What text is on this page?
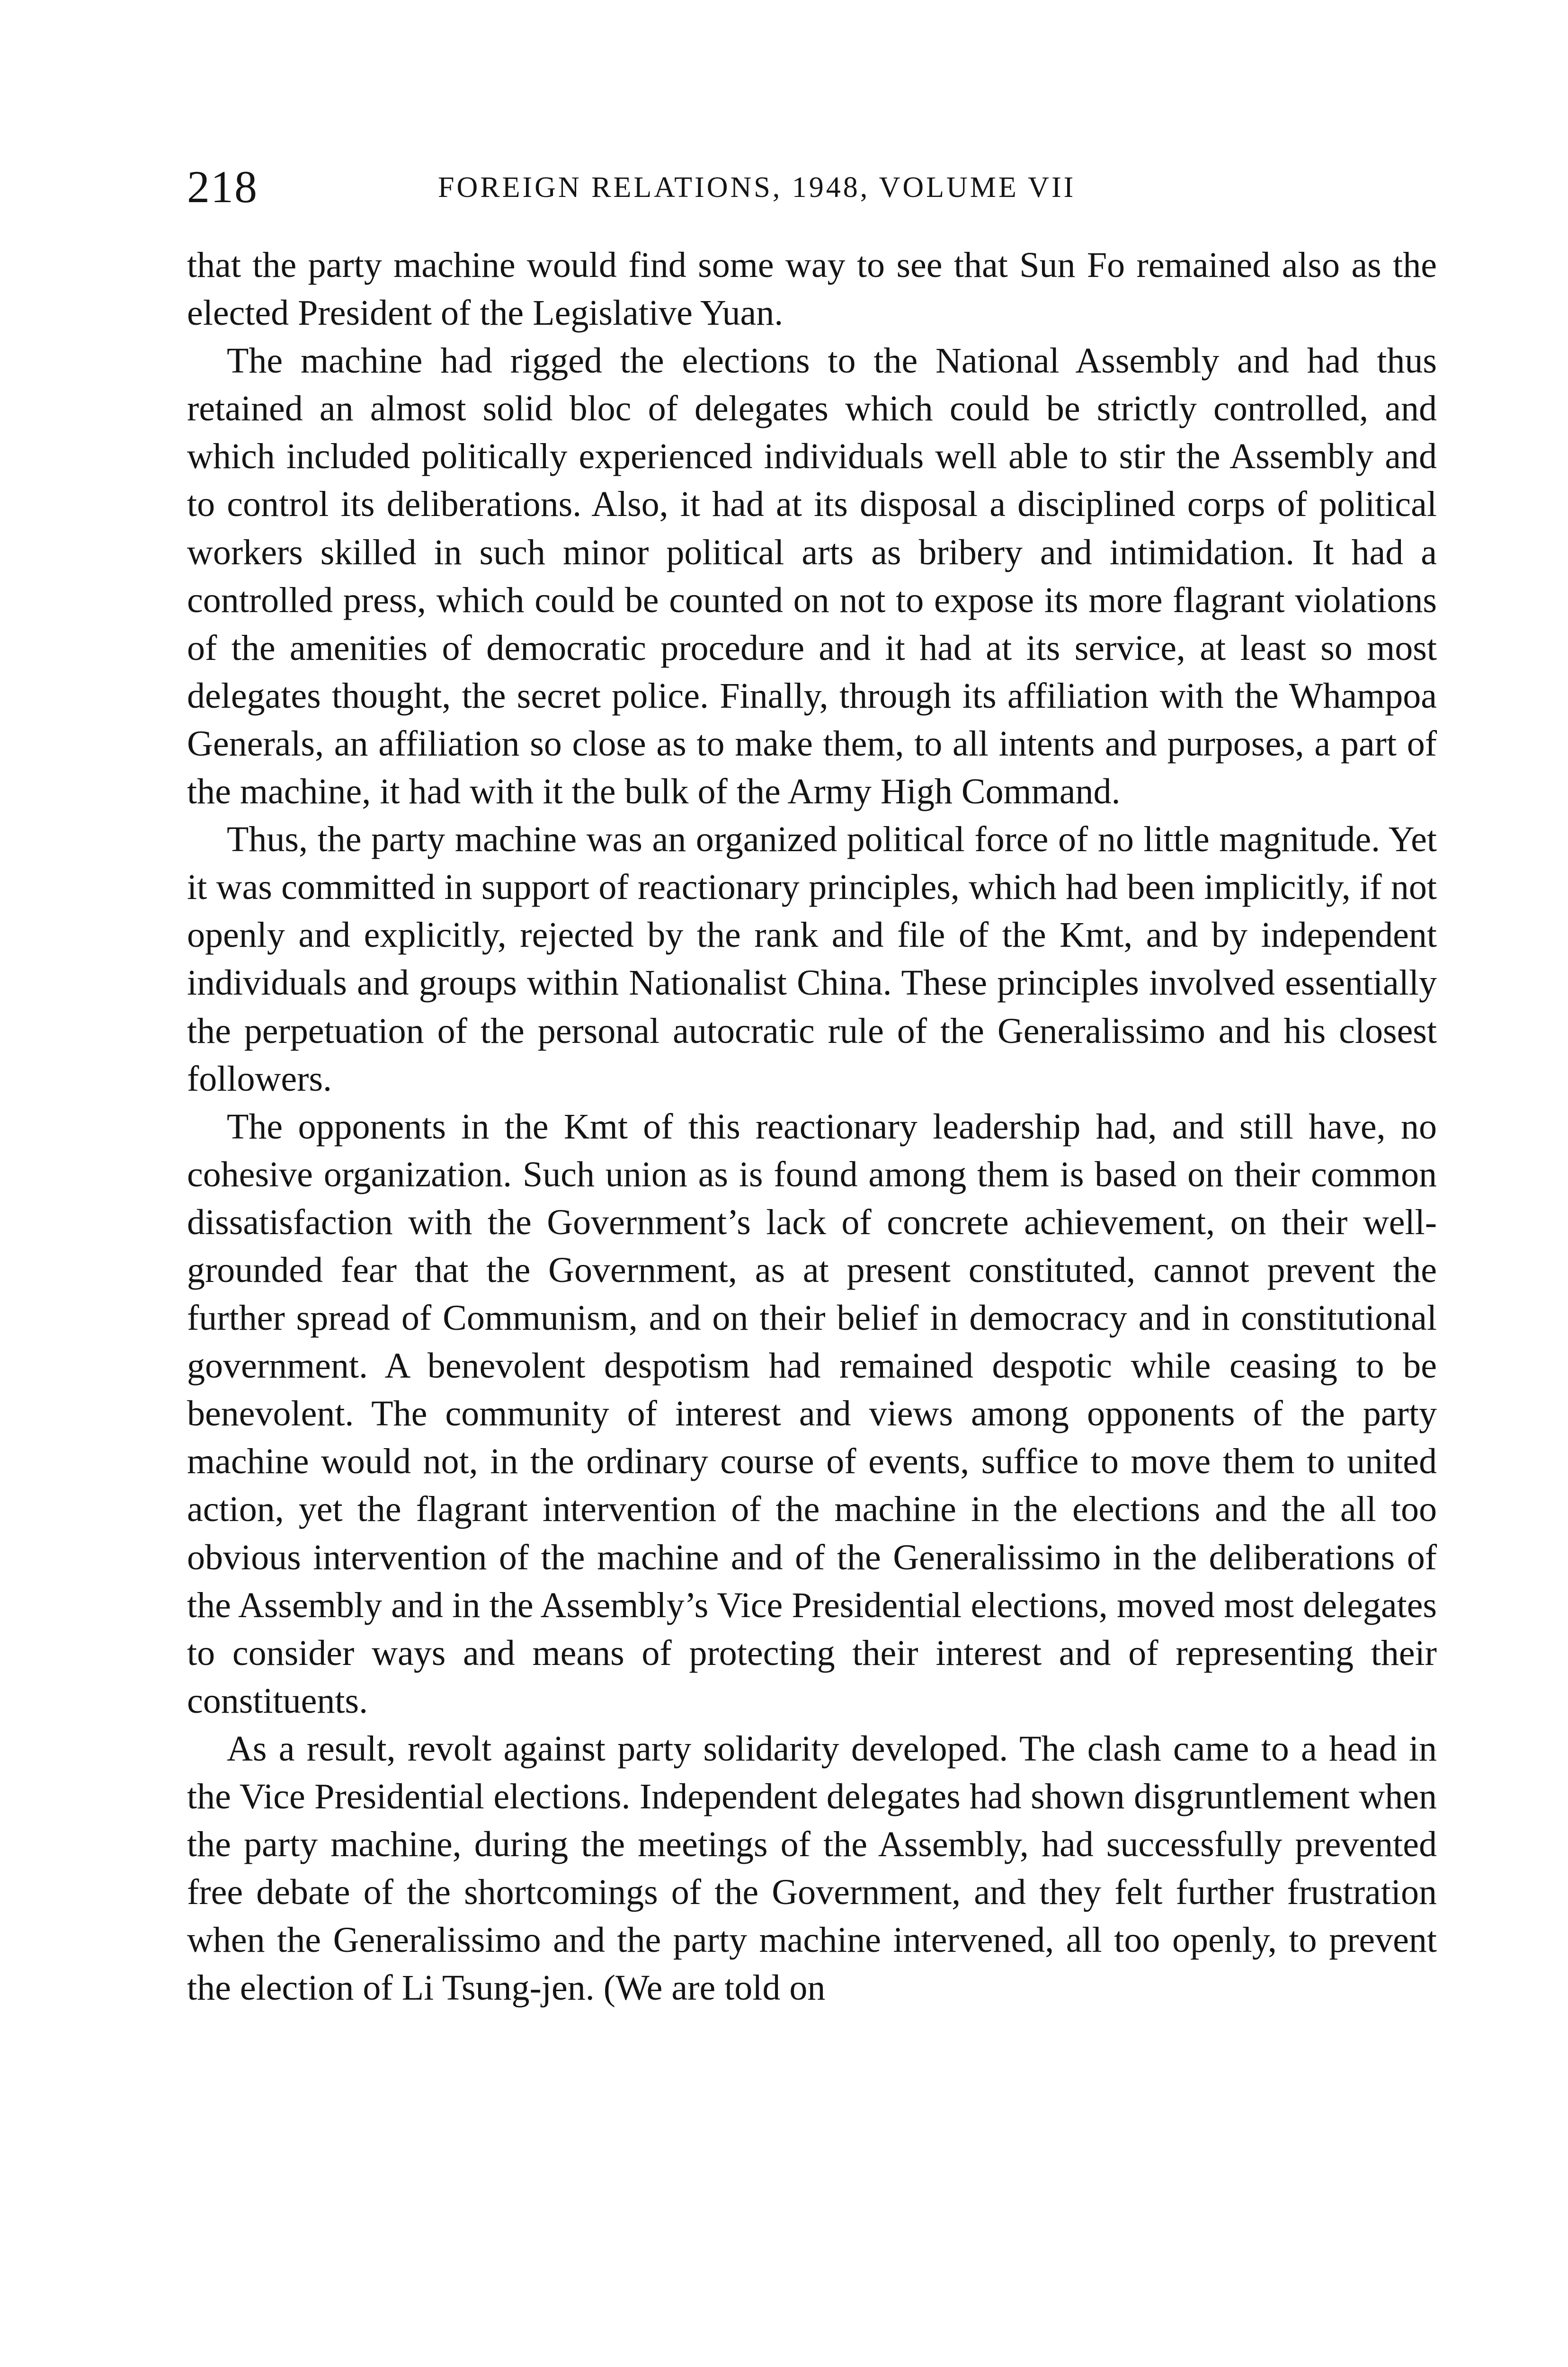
218	FOREIGN RELATIONS, 1948, VOLUME VII

that the party machine would find some way to see that Sun Fo remained also as the elected President of the Legislative Yuan.

The machine had rigged the elections to the National Assembly and had thus retained an almost solid bloc of delegates which could be strictly controlled, and which included politically experienced individuals well able to stir the Assembly and to control its deliberations. Also, it had at its disposal a disciplined corps of political workers skilled in such minor political arts as bribery and intimidation. It had a controlled press, which could be counted on not to expose its more flagrant violations of the amenities of democratic procedure and it had at its service, at least so most delegates thought, the secret police. Finally, through its affiliation with the Whampoa Generals, an affiliation so close as to make them, to all intents and purposes, a part of the machine, it had with it the bulk of the Army High Command.

Thus, the party machine was an organized political force of no little magnitude. Yet it was committed in support of reactionary principles, which had been implicitly, if not openly and explicitly, rejected by the rank and file of the Kmt, and by independent individuals and groups within Nationalist China. These principles involved essentially the perpetuation of the personal autocratic rule of the Generalissimo and his closest followers.

The opponents in the Kmt of this reactionary leadership had, and still have, no cohesive organization. Such union as is found among them is based on their common dissatisfaction with the Government’s lack of concrete achievement, on their well-grounded fear that the Government, as at present constituted, cannot prevent the further spread of Communism, and on their belief in democracy and in constitutional government. A benevolent despotism had remained despotic while ceasing to be benevolent. The community of interest and views among opponents of the party machine would not, in the ordinary course of events, suffice to move them to united action, yet the flagrant intervention of the machine in the elections and the all too obvious intervention of the machine and of the Generalissimo in the deliberations of the Assembly and in the Assembly’s Vice Presidential elections, moved most delegates to consider ways and means of protecting their interest and of representing their constituents.

As a result, revolt against party solidarity developed. The clash came to a head in the Vice Presidential elections. Independent delegates had shown disgruntlement when the party machine, during the meetings of the Assembly, had successfully prevented free debate of the shortcomings of the Government, and they felt further frustration when the Generalissimo and the party machine intervened, all too openly, to prevent the election of Li Tsung-jen. (We are told on
